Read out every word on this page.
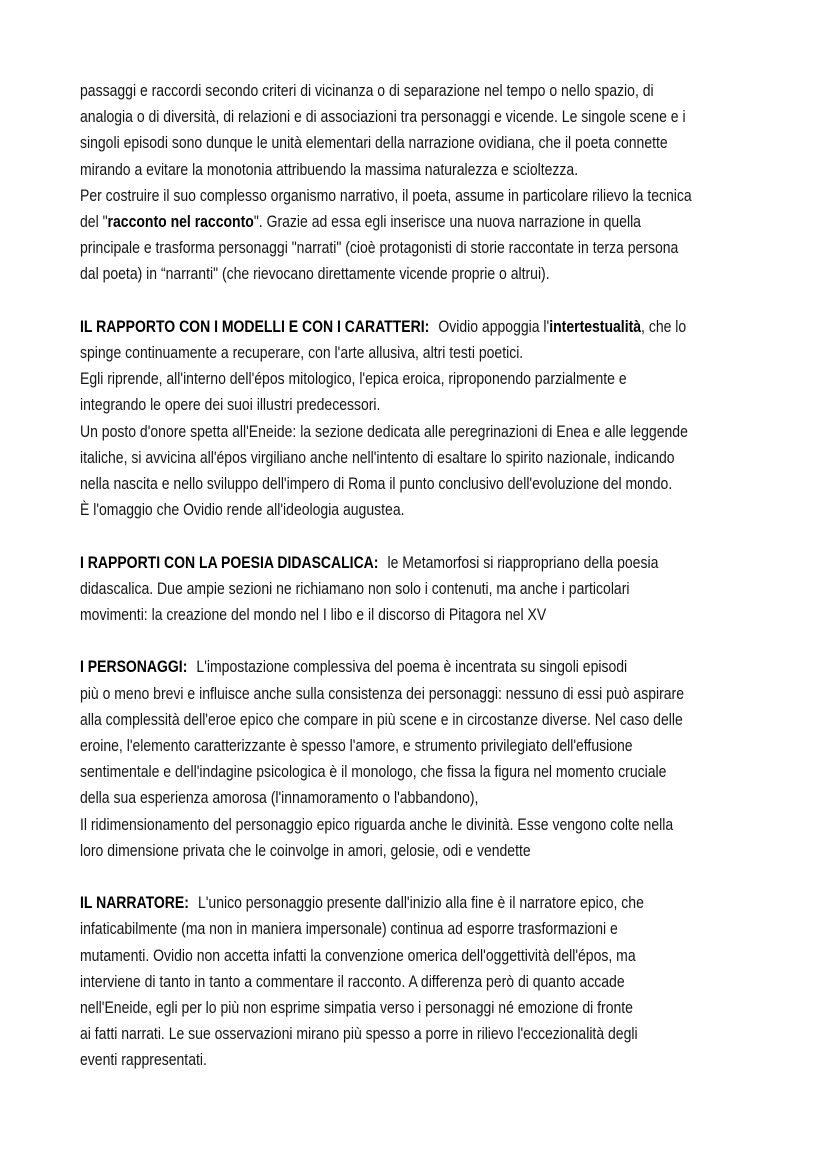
passaggi e raccordi secondo criteri di vicinanza o di separazione nel tempo o nello spazio, di

analogia o di diversità, di relazioni e di associazioni tra personaggi e vicende. Le singole scene e i

singoli episodi sono dunque le unità elementari della narrazione ovidiana, che il poeta connette

mirando a evitare la monotonia attribuendo la massima naturalezza e scioltezza.

Per costruire il suo complesso organismo narrativo, il poeta, assume in particolare rilievo la tecnica

del "racconto nel racconto". Grazie ad essa egli inserisce una nuova narrazione in quella

principale e trasforma personaggi "narrati" (cioè protagonisti di storie raccontate in terza persona

dal poeta) in “narranti" (che rievocano direttamente vicende proprie o altrui).

IL RAPPORTO CON I MODELLI E CON I CARATTERI: Ovidio appoggia l'intertestualità, che lo

spinge continuamente a recuperare, con l'arte allusiva, altri testi poetici.

Egli riprende, all'interno dell'épos mitologico, l'epica eroica, riproponendo parzialmente e

integrando le opere dei suoi illustri predecessori.

Un posto d'onore spetta all'Eneide: la sezione dedicata alle peregrinazioni di Enea e alle leggende

italiche, si avvicina all'épos virgiliano anche nell'intento di esaltare lo spirito nazionale, indicando

nella nascita e nello sviluppo dell'impero di Roma il punto conclusivo dell'evoluzione del mondo.

È l'omaggio che Ovidio rende all'ideologia augustea.

I RAPPORTI CON LA POESIA DIDASCALICA: le Metamorfosi si riappropriano della poesia

didascalica. Due ampie sezioni ne richiamano non solo i contenuti, ma anche i particolari

movimenti: la creazione del mondo nel I libo e il discorso di Pitagora nel XV

I PERSONAGGI: L'impostazione complessiva del poema è incentrata su singoli episodi

più o meno brevi e influisce anche sulla consistenza dei personaggi: nessuno di essi può aspirare

alla complessità dell'eroe epico che compare in più scene e in circostanze diverse. Nel caso delle

eroine, l'elemento caratterizzante è spesso l'amore, e strumento privilegiato dell'effusione

sentimentale e dell'indagine psicologica è il monologo, che fissa la figura nel momento cruciale

della sua esperienza amorosa (l'innamoramento o l'abbandono),

Il ridimensionamento del personaggio epico riguarda anche le divinità. Esse vengono colte nella

loro dimensione privata che le coinvolge in amori, gelosie, odi e vendette

IL NARRATORE: L'unico personaggio presente dall'inizio alla fine è il narratore epico, che

infaticabilmente (ma non in maniera impersonale) continua ad esporre trasformazioni e

mutamenti. Ovidio non accetta infatti la convenzione omerica dell'oggettività dell'épos, ma

interviene di tanto in tanto a commentare il racconto. A differenza però di quanto accade

nell'Eneide, egli per lo più non esprime simpatia verso i personaggi né emozione di fronte

ai fatti narrati. Le sue osservazioni mirano più spesso a porre in rilievo l'eccezionalità degli

eventi rappresentati.
